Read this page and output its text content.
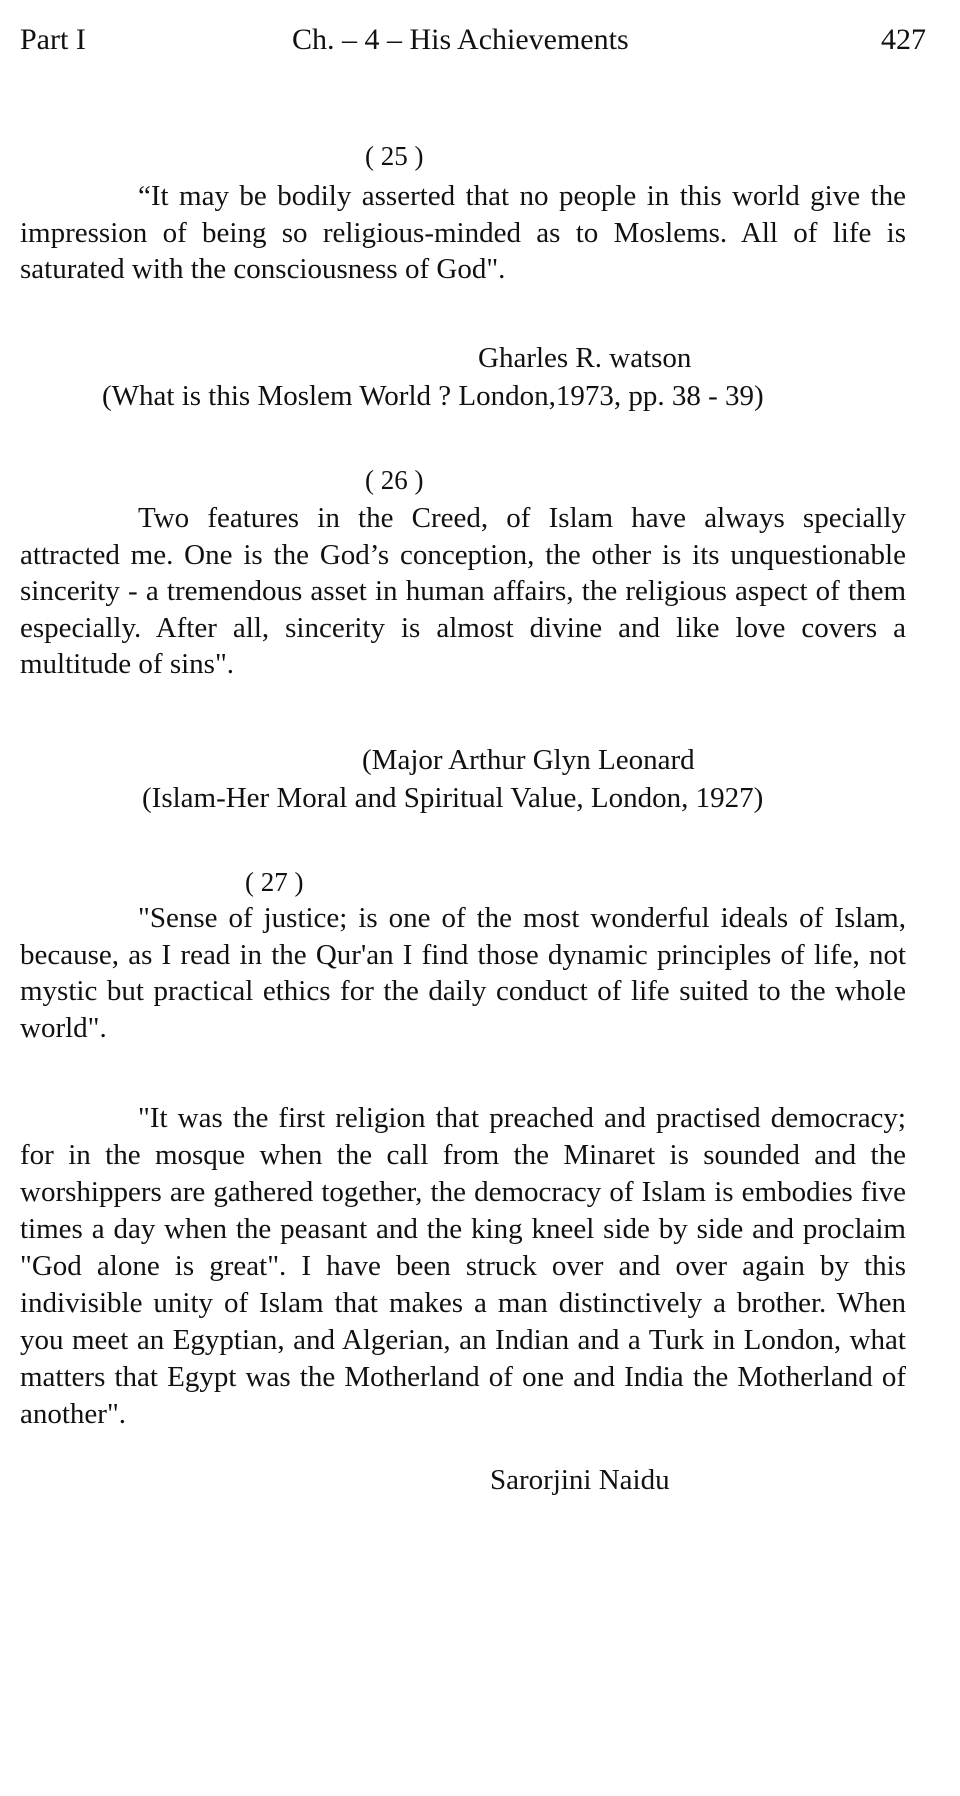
Part I	Ch. – 4 – His Achievements	427
( 25 )

“It may be bodily asserted that no people in this world give the impression of being so religious-minded as to Moslems. All of life is saturated with the consciousness of God".

Gharles R. watson
(What is this Moslem World ? London,1973, pp. 38 - 39)
( 26 )

Two features in the Creed, of Islam have always specially attracted me. One is the God’s conception, the other is its unquestionable sincerity - a tremendous asset in human affairs, the religious aspect of them especially. After all, sincerity is almost divine and like love covers a multitude of sins".

(Major Arthur Glyn Leonard
(Islam-Her Moral and Spiritual Value, London, 1927)
( 27 )

"Sense of justice; is one of the most wonderful ideals of Islam, because, as I read in the Qur'an I find those dynamic principles of life, not mystic but practical ethics for the daily conduct of life suited to the whole world".

"It was the first religion that preached and practised democracy; for in the mosque when the call from the Minaret is sounded and the worshippers are gathered together, the democracy of Islam is embodies five times a day when the peasant and the king kneel side by side and proclaim "God alone is great". I have been struck over and over again by this indivisible unity of Islam that makes a man distinctively a brother. When you meet an Egyptian, and Algerian, an Indian and a Turk in London, what matters that Egypt was the Motherland of one and India the Motherland of another".

Sarorjini Naidu
